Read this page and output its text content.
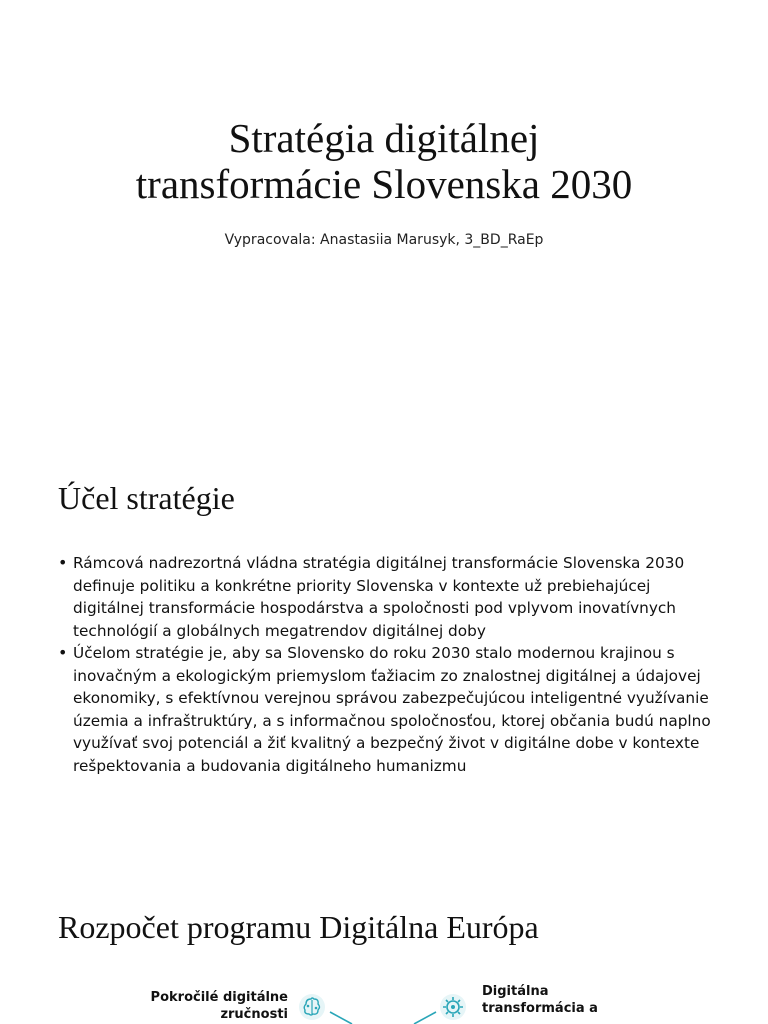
Stratégia digitálnej
transformácie Slovenska 2030
Vypracovala: Anastasiia Marusyk, 3_BD_RaEp
Účel stratégie
• Rámcová nadrezortná vládna stratégia digitálnej transformácie Slovenska 2030 definuje politiku a konkrétne priority Slovenska v kontexte už prebiehajúcej digitálnej transformácie hospodárstva a spoločnosti pod vplyvom inovatívnych technológií a globálnych megatrendov digitálnej doby
• Účelom stratégie je, aby sa Slovensko do roku 2030 stalo modernou krajinou s inovačným a ekologickým priemyslom ťažiacim zo znalostnej digitálnej a údajovej ekonomiky, s efektívnou verejnou správou zabezpečujúcou inteligentné využívanie územia a infraštruktúry, a s informačnou spoločnosťou, ktorej občania budú naplno využívať svoj potenciál a žiť kvalitný a bezpečný život v digitálne dobe v kontexte rešpektovania a budovania digitálneho humanizmu
Rozpočet programu Digitálna Európa
Pokročilé digitálne
zručnosti
Digitálna
transformácia a
